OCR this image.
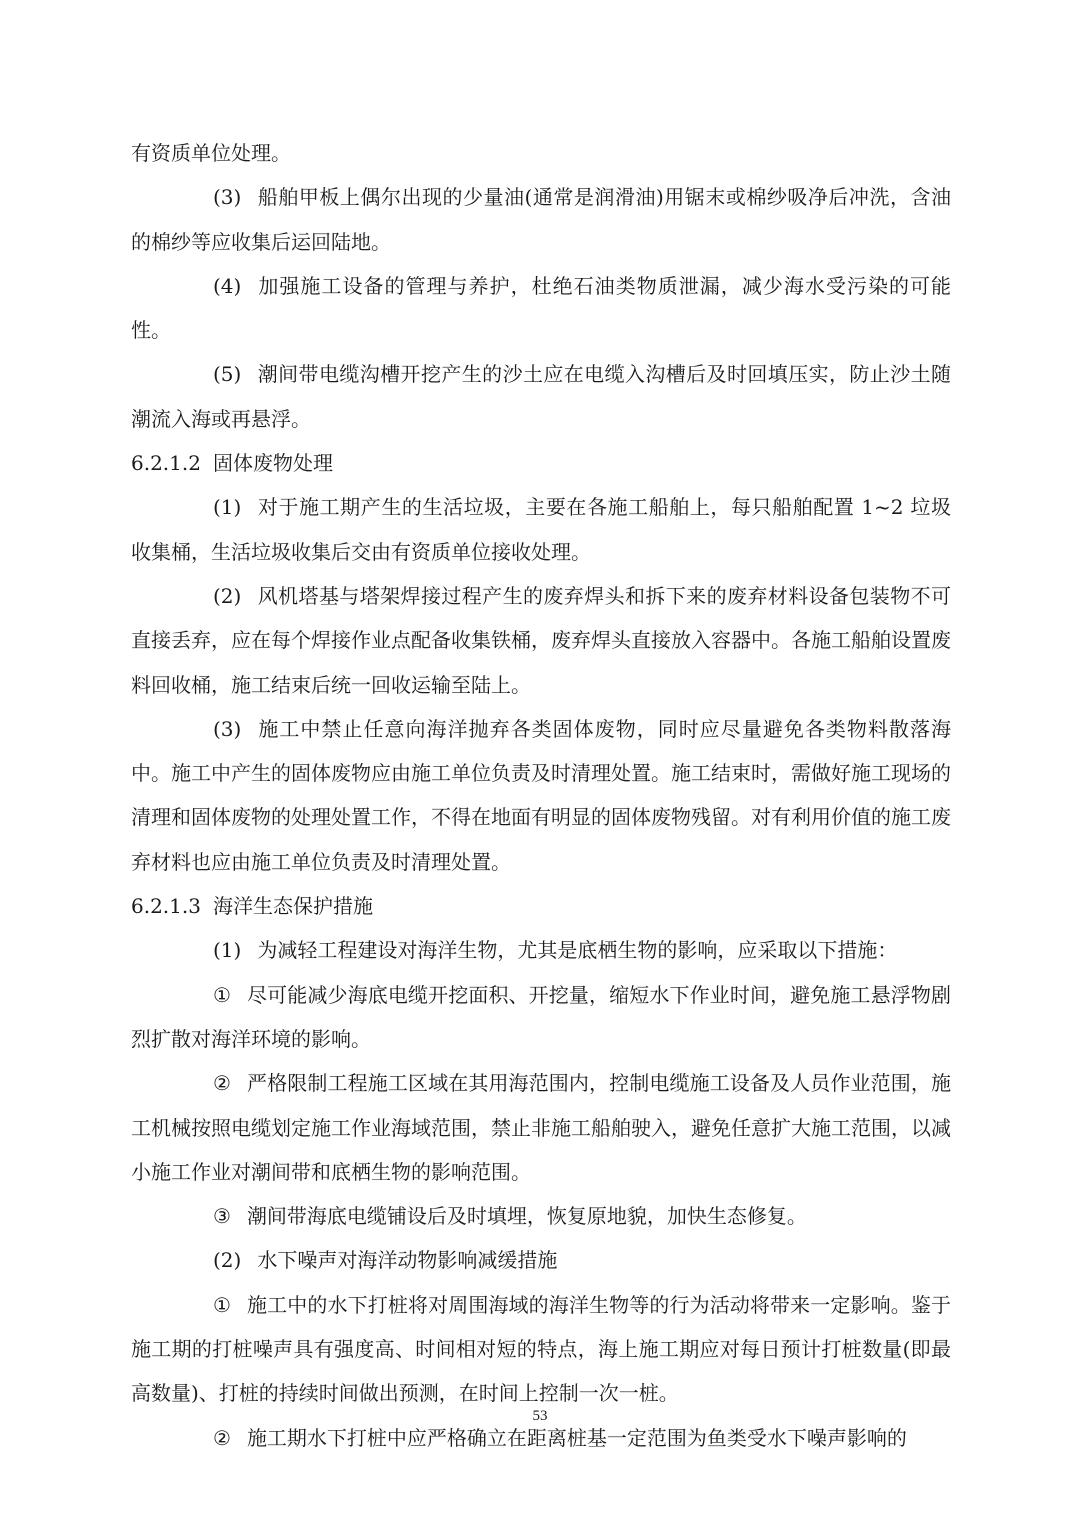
有资质单位处理。

(3) 船舶甲板上偶尔出现的少量油(通常是润滑油)用锯末或棉纱吸净后冲洗，含油的棉纱等应收集后运回陆地。

(4) 加强施工设备的管理与养护，杜绝石油类物质泄漏，减少海水受污染的可能性。

(5) 潮间带电缆沟槽开挖产生的沙土应在电缆入沟槽后及时回填压实，防止沙土随潮流入海或再悬浮。

6.2.1.2 固体废物处理

(1) 对于施工期产生的生活垃圾，主要在各施工船舶上，每只船舶配置 1~2 垃圾收集桶，生活垃圾收集后交由有资质单位接收处理。

(2) 风机塔基与塔架焊接过程产生的废弃焊头和拆下来的废弃材料设备包装物不可直接丢弃，应在每个焊接作业点配备收集铁桶，废弃焊头直接放入容器中。各施工船舶设置废料回收桶，施工结束后统一回收运输至陆上。

(3) 施工中禁止任意向海洋抛弃各类固体废物，同时应尽量避免各类物料散落海中。施工中产生的固体废物应由施工单位负责及时清理处置。施工结束时，需做好施工现场的清理和固体废物的处理处置工作，不得在地面有明显的固体废物残留。对有利用价值的施工废弃材料也应由施工单位负责及时清理处置。

6.2.1.3 海洋生态保护措施

(1) 为减轻工程建设对海洋生物，尤其是底栖生物的影响，应采取以下措施：

① 尽可能减少海底电缆开挖面积、开挖量，缩短水下作业时间，避免施工悬浮物剧烈扩散对海洋环境的影响。

② 严格限制工程施工区域在其用海范围内，控制电缆施工设备及人员作业范围，施工机械按照电缆划定施工作业海域范围，禁止非施工船舶驶入，避免任意扩大施工范围，以减小施工作业对潮间带和底栖生物的影响范围。

③ 潮间带海底电缆铺设后及时填埋，恢复原地貌，加快生态修复。

(2) 水下噪声对海洋动物影响减缓措施

① 施工中的水下打桩将对周围海域的海洋生物等的行为活动将带来一定影响。鉴于施工期的打桩噪声具有强度高、时间相对短的特点，海上施工期应对每日预计打桩数量(即最高数量)、打桩的持续时间做出预测，在时间上控制一次一桩。

② 施工期水下打桩中应严格确立在距离桩基一定范围为鱼类受水下噪声影响的

53
